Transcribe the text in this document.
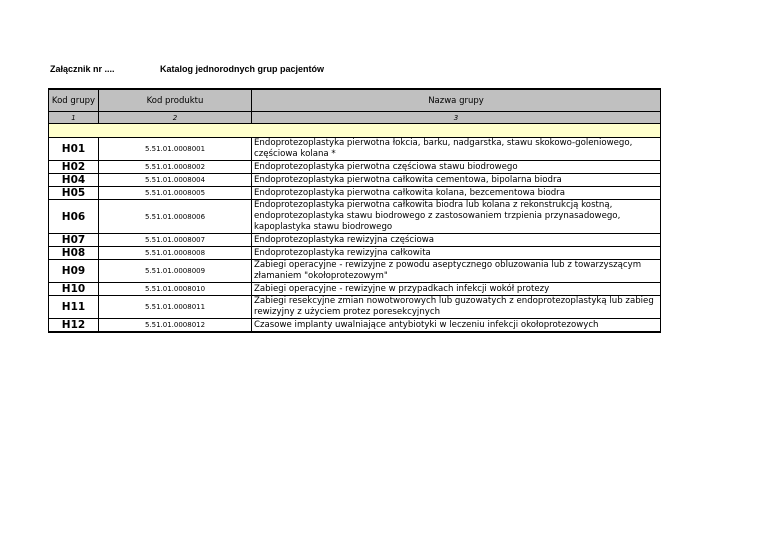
Załącznik nr ....	Katalog jednorodnych grup pacjentów
Kod grupy	Kod produktu	Nazwa grupy
1	2	3

H01	5.51.01.0008001	Endoprotezoplastyka pierwotna łokcia, barku, nadgarstka, stawu skokowo-goleniowego, częściowa kolana *
H02	5.51.01.0008002	Endoprotezoplastyka pierwotna częściowa stawu biodrowego
H04	5.51.01.0008004	Endoprotezoplastyka pierwotna całkowita cementowa, bipolarna biodra
H05	5.51.01.0008005	Endoprotezoplastyka pierwotna całkowita kolana, bezcementowa biodra
H06	5.51.01.0008006	Endoprotezoplastyka pierwotna całkowita biodra lub kolana z rekonstrukcją kostną, endoprotezoplastyka stawu biodrowego z zastosowaniem trzpienia przynasadowego, kapoplastyka stawu biodrowego
H07	5.51.01.0008007	Endoprotezoplastyka rewizyjna częściowa
H08	5.51.01.0008008	Endoprotezoplastyka rewizyjna całkowita
H09	5.51.01.0008009	Zabiegi operacyjne - rewizyjne z powodu aseptycznego obluzowania lub z towarzyszącym złamaniem "okołoprotezowym"
H10	5.51.01.0008010	Zabiegi operacyjne - rewizyjne w przypadkach infekcji wokół protezy
H11	5.51.01.0008011	Zabiegi resekcyjne zmian nowotworowych lub guzowatych z endoprotezoplastyką lub zabieg rewizyjny z użyciem protez poresekcyjnych
H12	5.51.01.0008012	Czasowe implanty uwalniające antybiotyki w leczeniu infekcji okołoprotezowych
